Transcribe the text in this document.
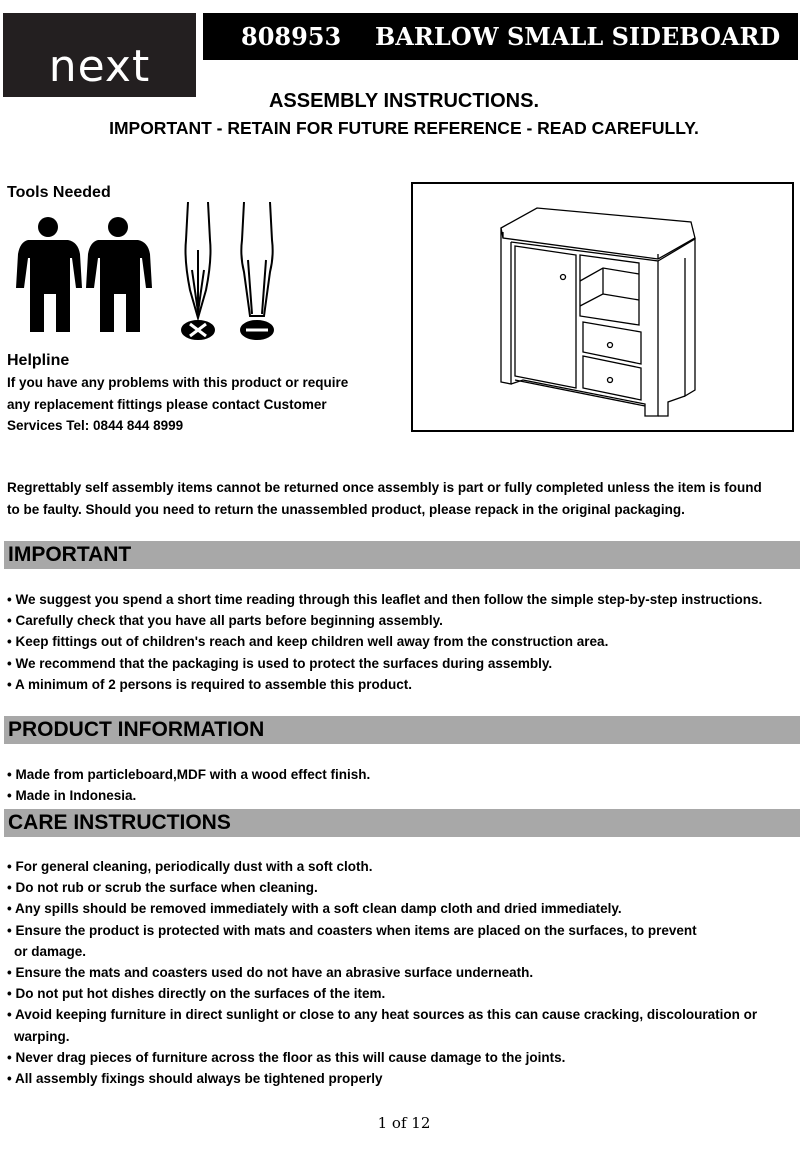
next
808953 BARLOW SMALL SIDEBOARD
ASSEMBLY INSTRUCTIONS.
IMPORTANT - RETAIN FOR FUTURE REFERENCE - READ CAREFULLY.
Tools Needed
Helpline
If you have any problems with this product or require
any replacement fittings please contact Customer
Services Tel: 0844 844 8999
Regrettably self assembly items cannot be returned once assembly is part or fully completed unless the item is found
to be faulty. Should you need to return the unassembled product, please repack in the original packaging.
IMPORTANT
• We suggest you spend a short time reading through this leaflet and then follow the simple step-by-step instructions.
• Carefully check that you have all parts before beginning assembly.
• Keep fittings out of children's reach and keep children well away from the construction area.
• We recommend that the packaging is used to protect the surfaces during assembly.
• A minimum of 2 persons is required to assemble this product.
PRODUCT INFORMATION
• Made from particleboard,MDF with a wood effect finish.
• Made in Indonesia.
CARE INSTRUCTIONS
• For general cleaning, periodically dust with a soft cloth.
• Do not rub or scrub the surface when cleaning.
• Any spills should be removed immediately with a soft clean damp cloth and dried immediately.
• Ensure the product is protected with mats and coasters when items are placed on the surfaces, to prevent
or damage.
• Ensure the mats and coasters used do not have an abrasive surface underneath.
• Do not put hot dishes directly on the surfaces of the item.
• Avoid keeping furniture in direct sunlight or close to any heat sources as this can cause cracking, discolouration or
warping.
• Never drag pieces of furniture across the floor as this will cause damage to the joints.
• All assembly fixings should always be tightened properly
1 of 12
